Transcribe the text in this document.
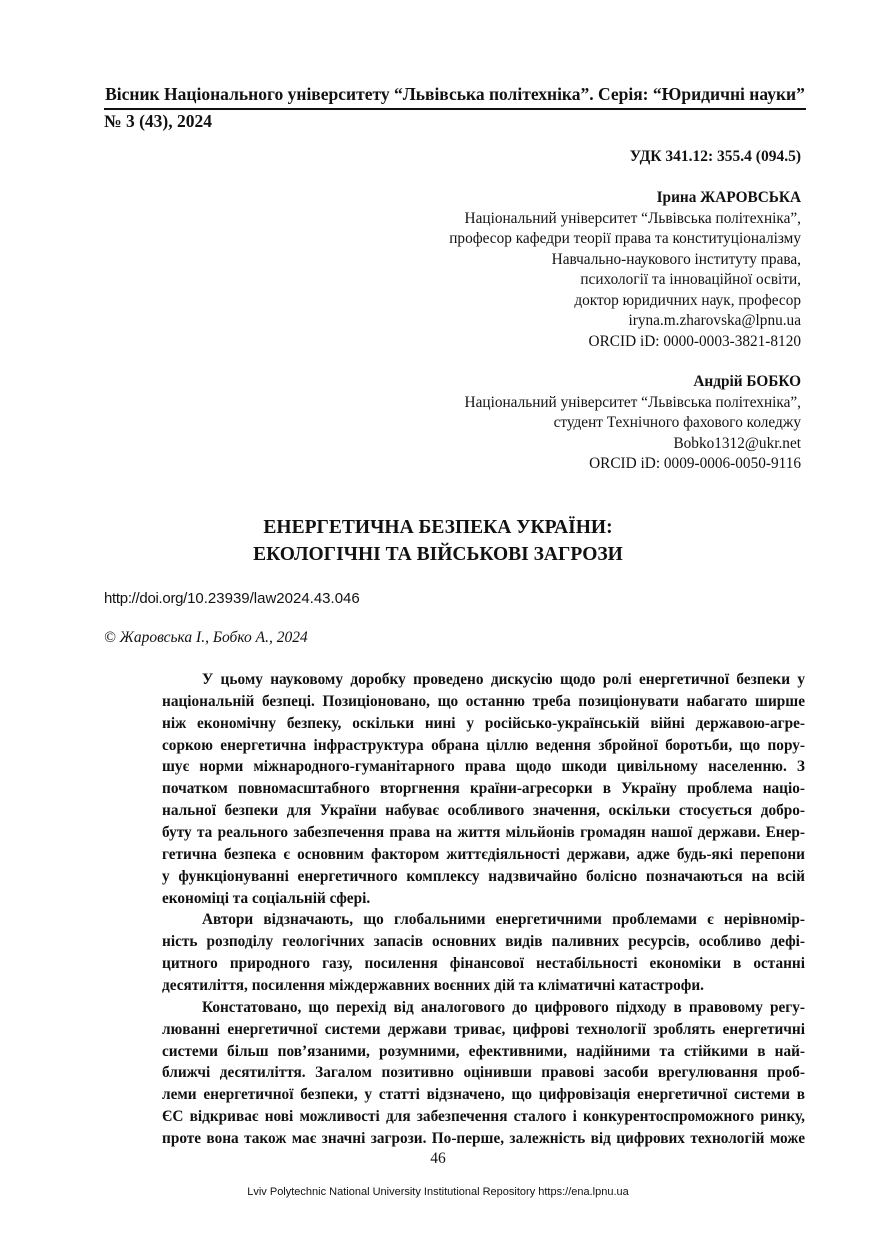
Вісник Національного університету “Львівська політехніка”. Серія: “Юридичні науки”
№ 3 (43), 2024
УДК 341.12: 355.4 (094.5)
Ірина ЖАРОВСЬКА
Національний університет “Львівська політехніка”,
професор кафедри теорії права та конституціоналізму
Навчально-наукового інституту права,
психології та інноваційної освіти,
доктор юридичних наук, професор
iryna.m.zharovska@lpnu.ua
ORCID iD: 0000-0003-3821-8120
Андрій БОБКО
Національний університет “Львівська політехніка”,
студент Технічного фахового коледжу
Bobko1312@ukr.net
ORCID iD: 0009-0006-0050-9116
ЕНЕРГЕТИЧНА БЕЗПЕКА УКРАЇНИ:
ЕКОЛОГІЧНІ ТА ВІЙСЬКОВІ ЗАГРОЗИ
http://doi.org/10.23939/law2024.43.046
© Жаровська І., Бобко А., 2024
У цьому науковому доробку проведено дискусію щодо ролі енергетичної безпеки у
національній безпеці. Позиціоновано, що останню треба позиціонувати набагато ширше
ніж економічну безпеку, оскільки нині у російсько-українській війні державою-агре-
соркою енергетична інфраструктура обрана ціллю ведення збройної боротьби, що пору-
шує норми міжнародного-гуманітарного права щодо шкоди цивільному населенню. З
початком повномасштабного вторгнення країни-агресорки в Україну проблема націо-
нальної безпеки для України набуває особливого значення, оскільки стосується добро-
буту та реального забезпечення права на життя мільйонів громадян нашої держави. Енер-
гетична безпека є основним фактором життєдіяльності держави, адже будь-які перепони
у функціонуванні енергетичного комплексу надзвичайно болісно позначаються на всій
економіці та соціальній сфері.
Автори відзначають, що глобальними енергетичними проблемами є нерівномір-
ність розподілу геологічних запасів основних видів паливних ресурсів, особливо дефі-
цитного природного газу, посилення фінансової нестабільності економіки в останні
десятиліття, посилення міждержавних воєнних дій та кліматичні катастрофи.
Констатовано, що перехід від аналогового до цифрового підходу в правовому регу-
люванні енергетичної системи держави триває, цифрові технології зроблять енергетичні
системи більш пов’язаними, розумними, ефективними, надійними та стійкими в най-
ближчі десятиліття. Загалом позитивно оцінивши правові засоби врегулювання проб-
леми енергетичної безпеки, у статті відзначено, що цифровізація енергетичної системи в
ЄС відкриває нові можливості для забезпечення сталого і конкурентоспроможного ринку,
проте вона також має значні загрози. По-перше, залежність від цифрових технологій може
46
Lviv Polytechnic National University Institutional Repository https://ena.lpnu.ua
